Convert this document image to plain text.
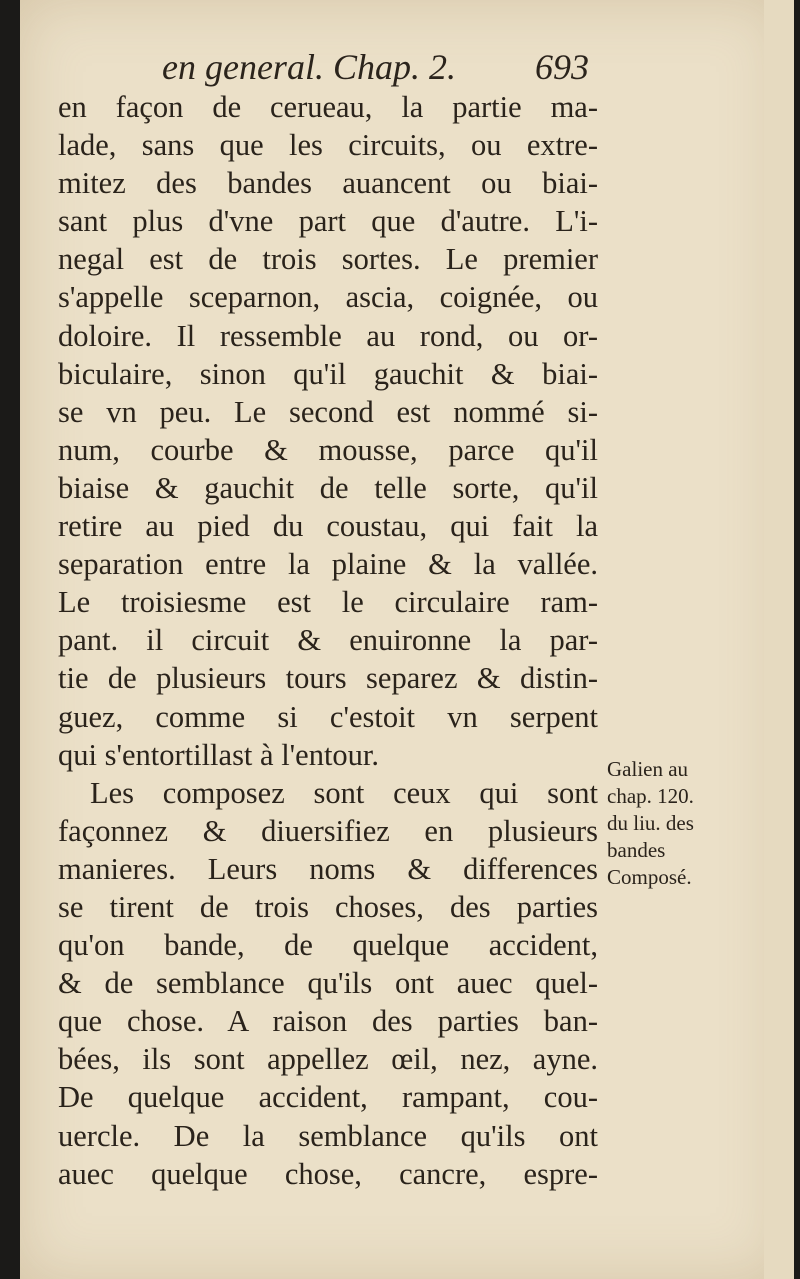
en general. Chap. 2. 693
en façon de cerueau, la partie ma-
lade, sans que les circuits, ou extre-
mitez des bandes auancent ou biai-
sant plus d'vne part que d'autre. L'i-
negal est de trois sortes. Le premier
s'appelle sceparnon, ascia, coignée, ou
doloire. Il ressemble au rond, ou or-
biculaire, sinon qu'il gauchit & biai-
se vn peu. Le second est nommé si-
num, courbe & mousse, parce qu'il
biaise & gauchit de telle sorte, qu'il
retire au pied du coustau, qui fait la
separation entre la plaine & la vallée.
Le troisiesme est le circulaire ram-
pant. il circuit & enuironne la par-
tie de plusieurs tours separez & distin-
guez, comme si c'estoit vn serpent
qui s'entortillast à l'entour.
Les composez sont ceux qui sont
façonnez & diuersifiez en plusieurs
manieres. Leurs noms & differences
se tirent de trois choses, des parties
qu'on bande, de quelque accident,
& de semblance qu'ils ont auec quel-
que chose. A raison des parties ban-
bées, ils sont appellez œil, nez, ayne.
De quelque accident, rampant, cou-
uercle. De la semblance qu'ils ont
auec quelque chose, cancre, espre-
Galien au
chap. 120.
du liu. des
bandes
Composé.
